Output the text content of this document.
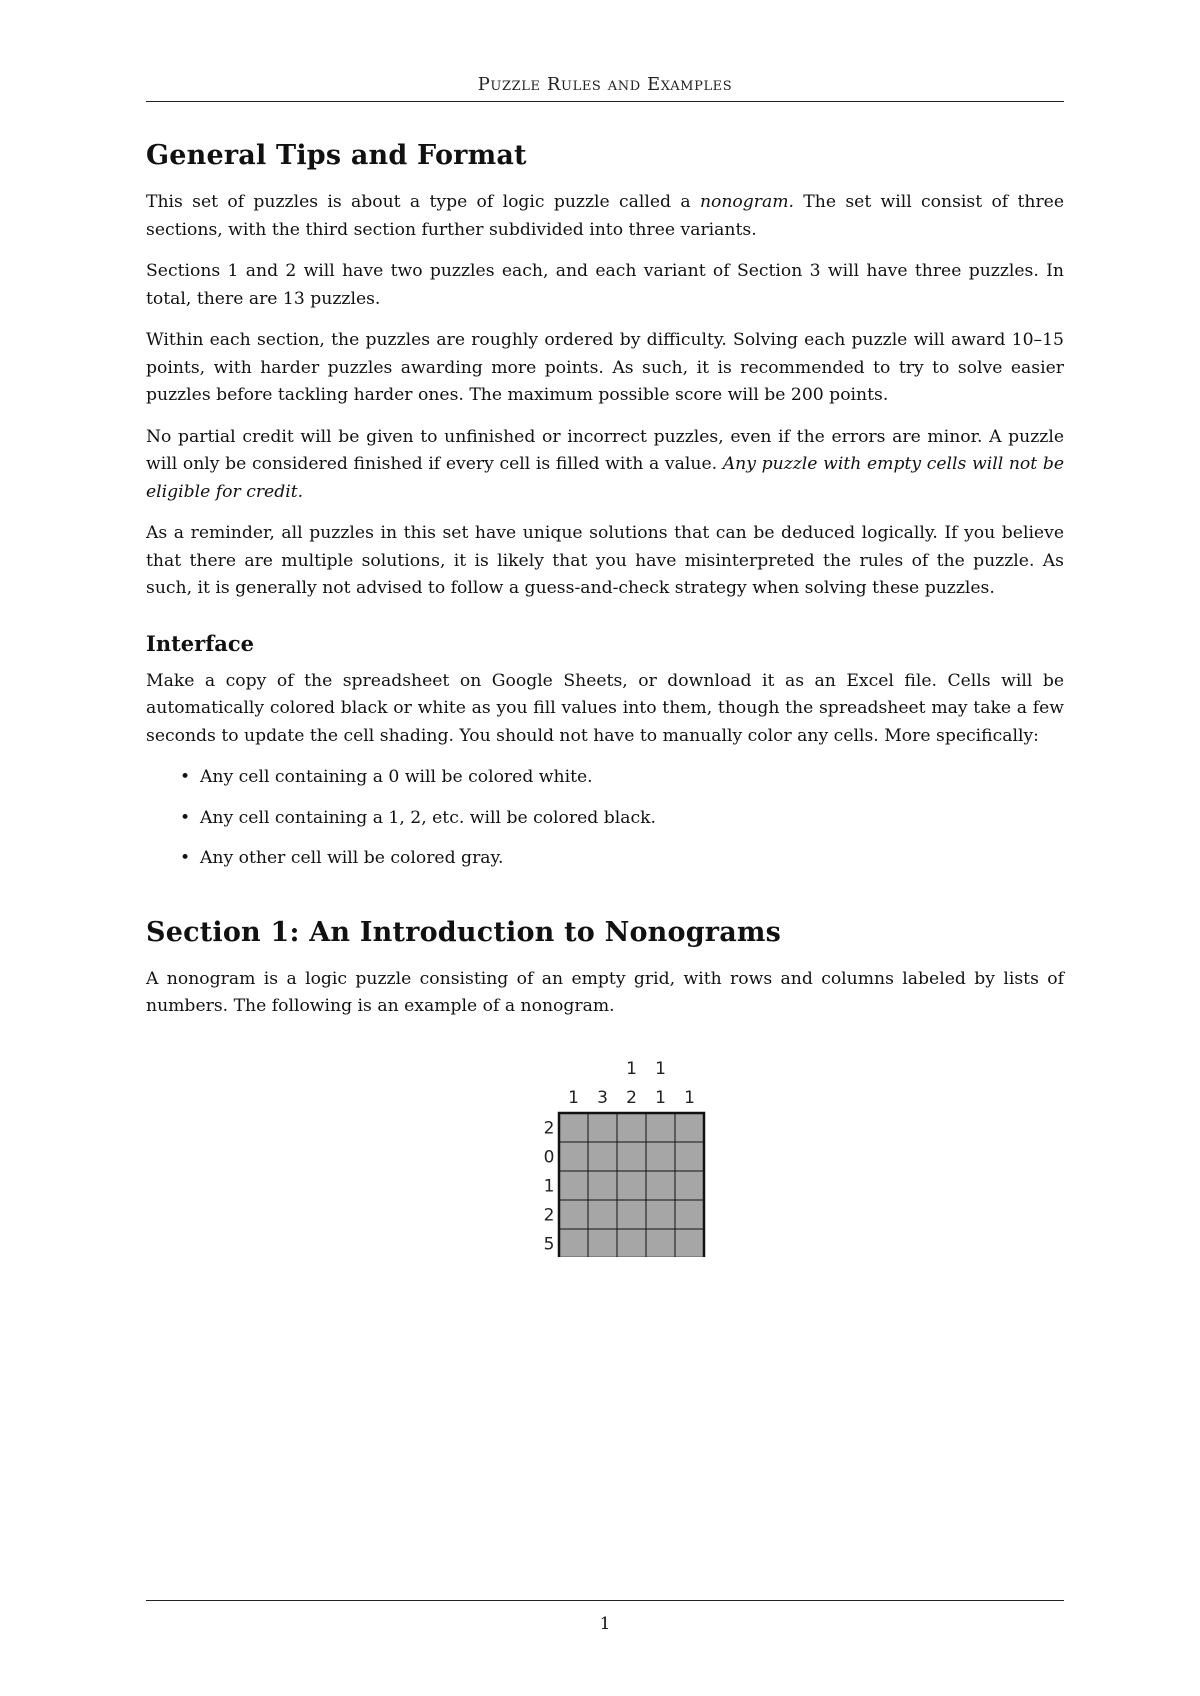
Puzzle Rules and Examples
General Tips and Format

This set of puzzles is about a type of logic puzzle called a nonogram. The set will consist of three sections, with the third section further subdivided into three variants.

Sections 1 and 2 will have two puzzles each, and each variant of Section 3 will have three puzzles. In total, there are 13 puzzles.

Within each section, the puzzles are roughly ordered by difficulty. Solving each puzzle will award 10–15 points, with harder puzzles awarding more points. As such, it is recommended to try to solve easier puzzles before tackling harder ones. The maximum possible score will be 200 points.

No partial credit will be given to unfinished or incorrect puzzles, even if the errors are minor. A puzzle will only be considered finished if every cell is filled with a value. Any puzzle with empty cells will not be eligible for credit.

As a reminder, all puzzles in this set have unique solutions that can be deduced logically. If you believe that there are multiple solutions, it is likely that you have misinterpreted the rules of the puzzle. As such, it is generally not advised to follow a guess-and-check strategy when solving these puzzles.

Interface

Make a copy of the spreadsheet on Google Sheets, or download it as an Excel file. Cells will be automatically colored black or white as you fill values into them, though the spreadsheet may take a few seconds to update the cell shading. You should not have to manually color any cells. More specifically:

• Any cell containing a 0 will be colored white.
• Any cell containing a 1, 2, etc. will be colored black.
• Any other cell will be colored gray.
Section 1: An Introduction to Nonograms

A nonogram is a logic puzzle consisting of an empty grid, with rows and columns labeled by lists of numbers. The following is an example of a nonogram.

1 3
1
2
1
1 1
2
0
1
2
5
1
